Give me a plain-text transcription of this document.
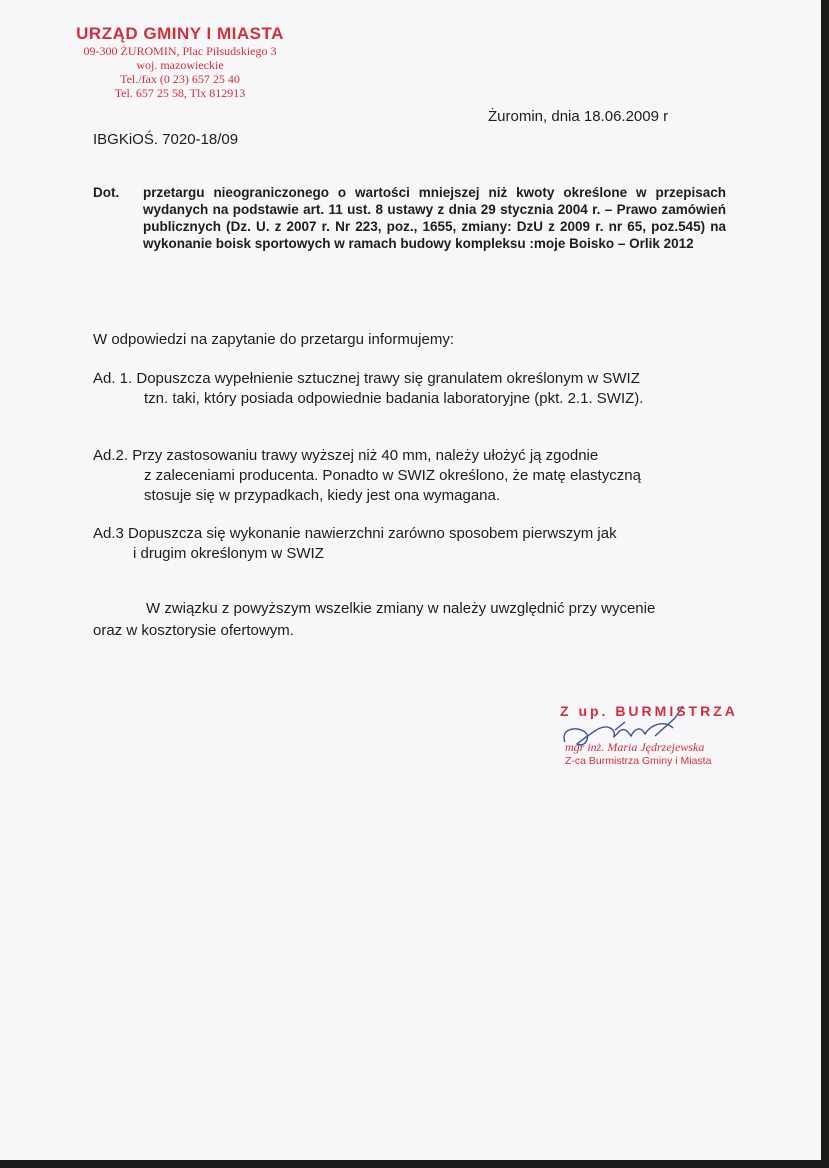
URZĄD GMINY I MIASTA
09-300 ŻUROMIN, Plac Piłsudskiego 3
woj. mazowieckie
Tel./fax (0 23) 657 25 40
Tel. 657 25 58, Tlx 812913
Żuromin, dnia 18.06.2009 r
IBGKiOŚ. 7020-18/09
Dot. przetargu nieograniczonego o wartości mniejszej niż kwoty określone w przepisach wydanych na podstawie art. 11 ust. 8 ustawy z dnia 29 stycznia 2004 r. – Prawo zamówień publicznych (Dz. U. z 2007 r. Nr 223, poz., 1655, zmiany: DzU z 2009 r. nr 65, poz.545) na wykonanie boisk sportowych w ramach budowy kompleksu :moje Boisko – Orlik 2012
W odpowiedzi na zapytanie do przetargu informujemy:
Ad. 1. Dopuszcza wypełnienie sztucznej trawy się granulatem określonym w SWIZ
tzn. taki, który posiada odpowiednie badania laboratoryjne (pkt. 2.1. SWIZ).
Ad.2. Przy zastosowaniu trawy wyższej niż 40 mm, należy ułożyć ją zgodnie
z zaleceniami producenta. Ponadto w SWIZ określono, że matę elastyczną
stosuje się w przypadkach, kiedy jest ona wymagana.
Ad.3 Dopuszcza się wykonanie nawierzchni zarówno sposobem pierwszym jak
i drugim określonym w SWIZ
W związku z powyższym wszelkie zmiany w należy uwzględnić przy wycenie
oraz w kosztorysie ofertowym.
Z up. BURMISTRZA
mgr inż. Maria Jędrzejewska
Z-ca Burmistrza Gminy i Miasta
